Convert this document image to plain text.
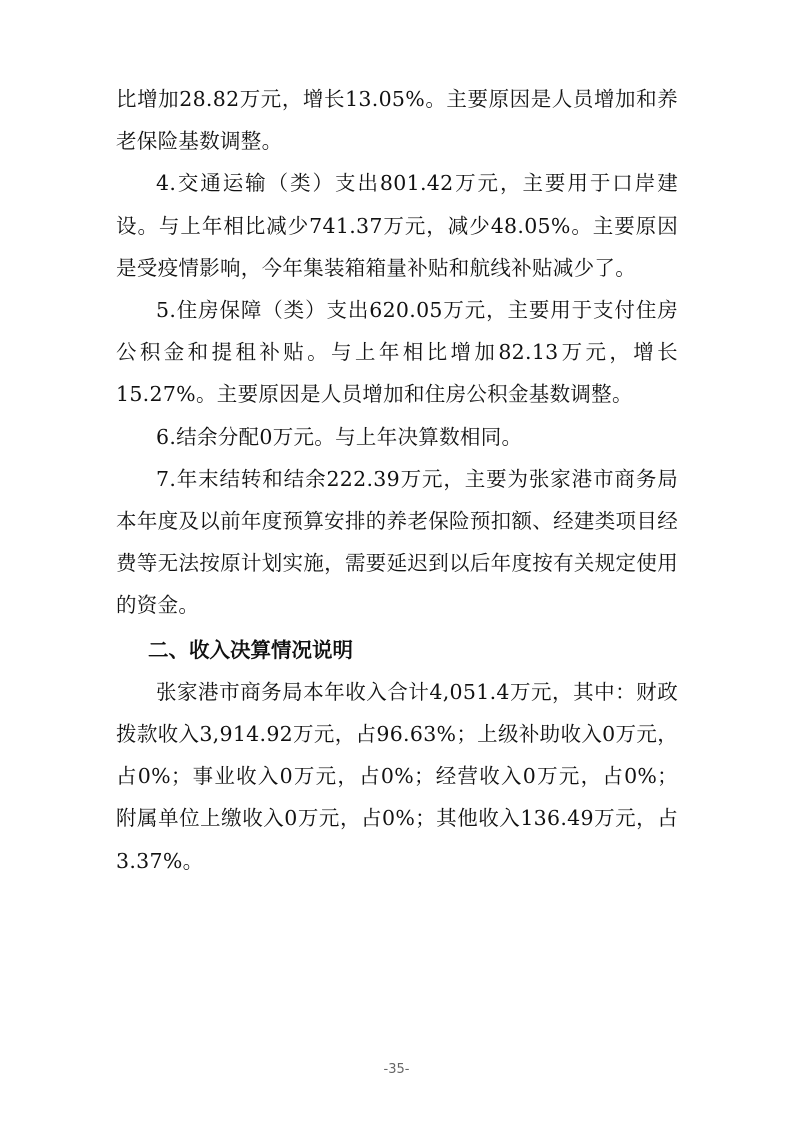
比增加28.82万元，增长13.05%。主要原因是人员增加和养老保险基数调整。

4.交通运输（类）支出801.42万元，主要用于口岸建设。与上年相比减少741.37万元，减少48.05%。主要原因是受疫情影响，今年集装箱箱量补贴和航线补贴减少了。

5.住房保障（类）支出620.05万元，主要用于支付住房公积金和提租补贴。与上年相比增加82.13万元，增长15.27%。主要原因是人员增加和住房公积金基数调整。

6.结余分配0万元。与上年决算数相同。

7.年末结转和结余222.39万元，主要为张家港市商务局本年度及以前年度预算安排的养老保险预扣额、经建类项目经费等无法按原计划实施，需要延迟到以后年度按有关规定使用的资金。

二、收入决算情况说明

张家港市商务局本年收入合计4,051.4万元，其中：财政拨款收入3,914.92万元，占96.63%；上级补助收入0万元，占0%；事业收入0万元，占0%；经营收入0万元，占0%；附属单位上缴收入0万元，占0%；其他收入136.49万元，占3.37%。

-35-
